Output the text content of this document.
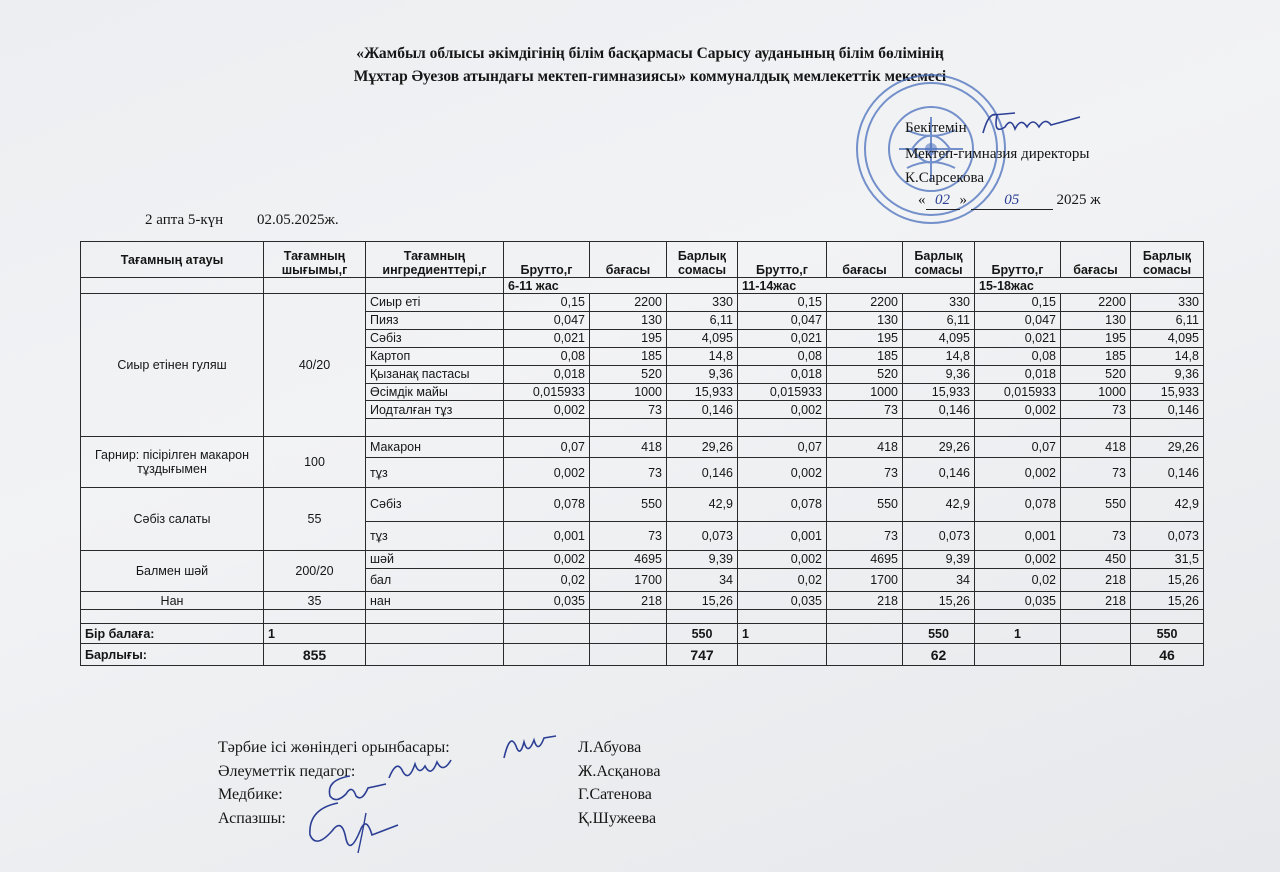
«Жамбыл облысы әкімдігінің білім басқармасы Сарысу ауданының білім бөлімінің
Мұхтар Әуезов атындағы мектеп-гимназиясы» коммуналдық мемлекеттік мекемесі
Бекітемін
Мектеп-гимназия директоры
К.Сарсекова
« 02 » 05 2025 ж
2 апта 5-күн 02.05.2025ж.
Тағамның атауы	Тағамның шығымы,г	Тағамның ингредиенттері,г	Брутто,г	бағасы	Барлық сомасы	Брутто,г	бағасы	Барлық сомасы	Брутто,г	бағасы	Барлық сомасы
			6-11 жас			11-14жас			15-18жас		
Сиыр етінен гуляш	40/20	Сиыр еті	0,15	2200	330	0,15	2200	330	0,15	2200	330
		Пияз	0,047	130	6,11	0,047	130	6,11	0,047	130	6,11
		Сәбіз	0,021	195	4,095	0,021	195	4,095	0,021	195	4,095
		Картоп	0,08	185	14,8	0,08	185	14,8	0,08	185	14,8
		Қызанақ пастасы	0,018	520	9,36	0,018	520	9,36	0,018	520	9,36
		Өсімдік майы	0,015933	1000	15,933	0,015933	1000	15,933	0,015933	1000	15,933
		Иодталған тұз	0,002	73	0,146	0,002	73	0,146	0,002	73	0,146

Гарнир: пісірілген макарон тұздығымен	100	Макарон	0,07	418	29,26	0,07	418	29,26	0,07	418	29,26
		тұз	0,002	73	0,146	0,002	73	0,146	0,002	73	0,146
Сәбіз салаты	55	Сәбіз	0,078	550	42,9	0,078	550	42,9	0,078	550	42,9
		тұз	0,001	73	0,073	0,001	73	0,073	0,001	73	0,073
Балмен шәй	200/20	шәй	0,002	4695	9,39	0,002	4695	9,39	0,002	450	31,5
		бал	0,02	1700	34	0,02	1700	34	0,02	218	15,26
Нан	35	нан	0,035	218	15,26	0,035	218	15,26	0,035	218	15,26

Бір балаға:	1				550	1		550	1		550
Барлығы:	855				747			62			46
Тәрбие ісі жөніндегі орынбасары:	Л.Абуова
Әлеуметтік педагог:	Ж.Асқанова
Медбике:	Г.Сатенова
Аспазшы:	Қ.Шужеева
